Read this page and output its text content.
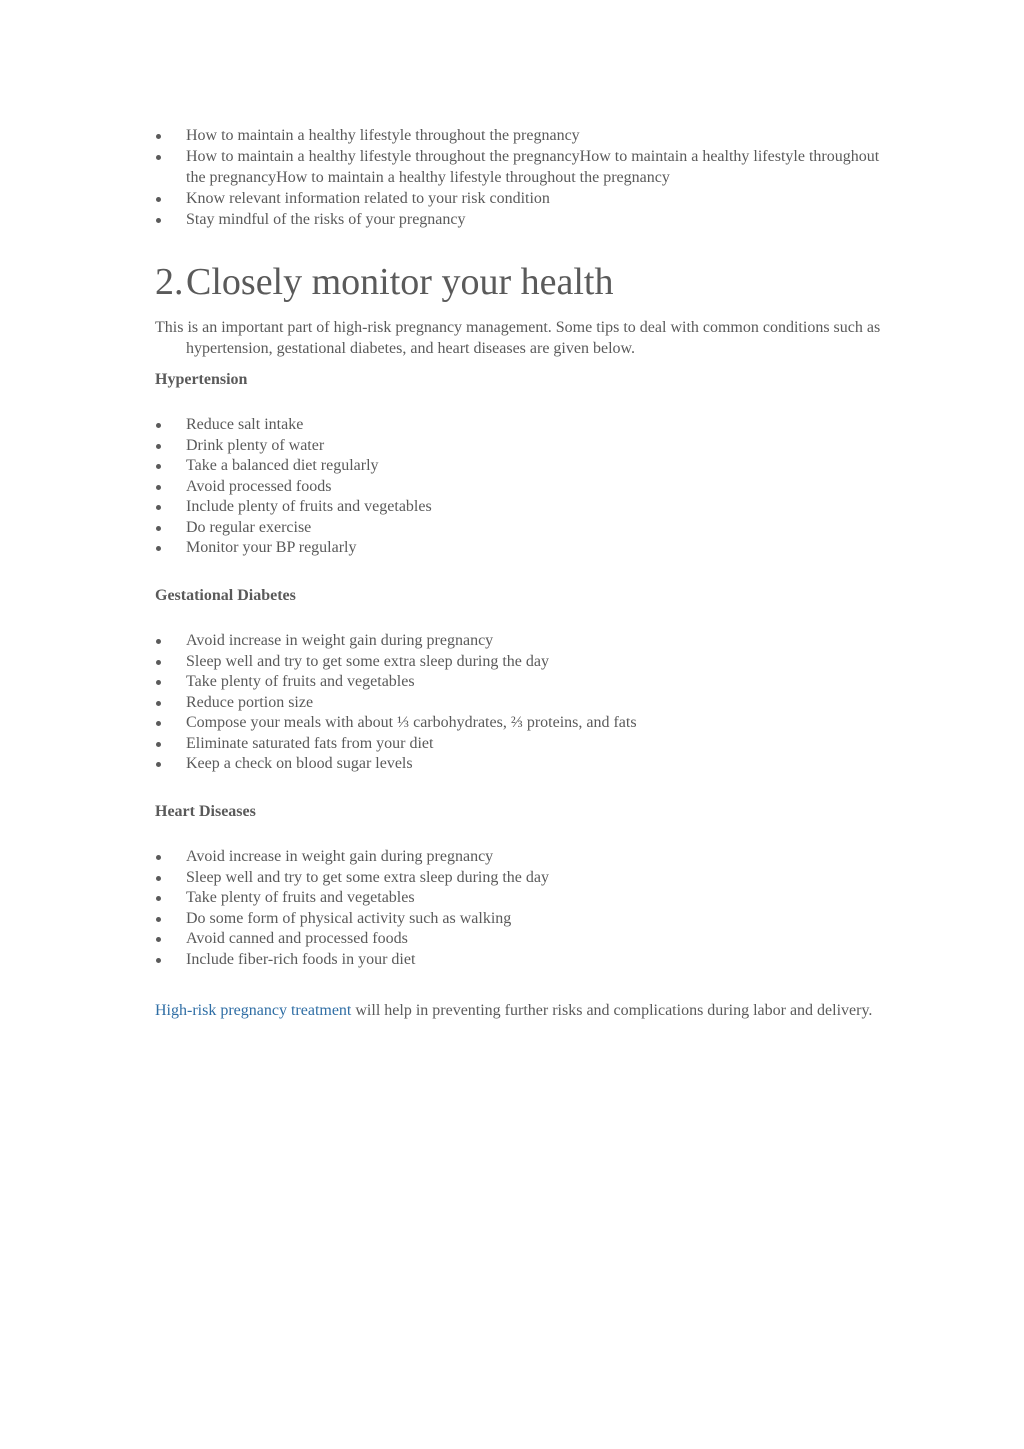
How to maintain a healthy lifestyle throughout the pregnancy
How to maintain a healthy lifestyle throughout the pregnancyHow to maintain a healthy lifestyle throughout the pregnancyHow to maintain a healthy lifestyle throughout the pregnancy
Know relevant information related to your risk condition
Stay mindful of the risks of your pregnancy
2.Closely monitor your health

This is an important part of high-risk pregnancy management. Some tips to deal with common conditions such as hypertension, gestational diabetes, and heart diseases are given below.

Hypertension
Reduce salt intake
Drink plenty of water
Take a balanced diet regularly
Avoid processed foods
Include plenty of fruits and vegetables
Do regular exercise
Monitor your BP regularly
Gestational Diabetes
Avoid increase in weight gain during pregnancy
Sleep well and try to get some extra sleep during the day
Take plenty of fruits and vegetables
Reduce portion size
Compose your meals with about ⅓ carbohydrates, ⅔ proteins, and fats
Eliminate saturated fats from your diet
Keep a check on blood sugar levels
Heart Diseases
Avoid increase in weight gain during pregnancy
Sleep well and try to get some extra sleep during the day
Take plenty of fruits and vegetables
Do some form of physical activity such as walking
Avoid canned and processed foods
Include fiber-rich foods in your diet

High-risk pregnancy treatment will help in preventing further risks and complications during labor and delivery.
